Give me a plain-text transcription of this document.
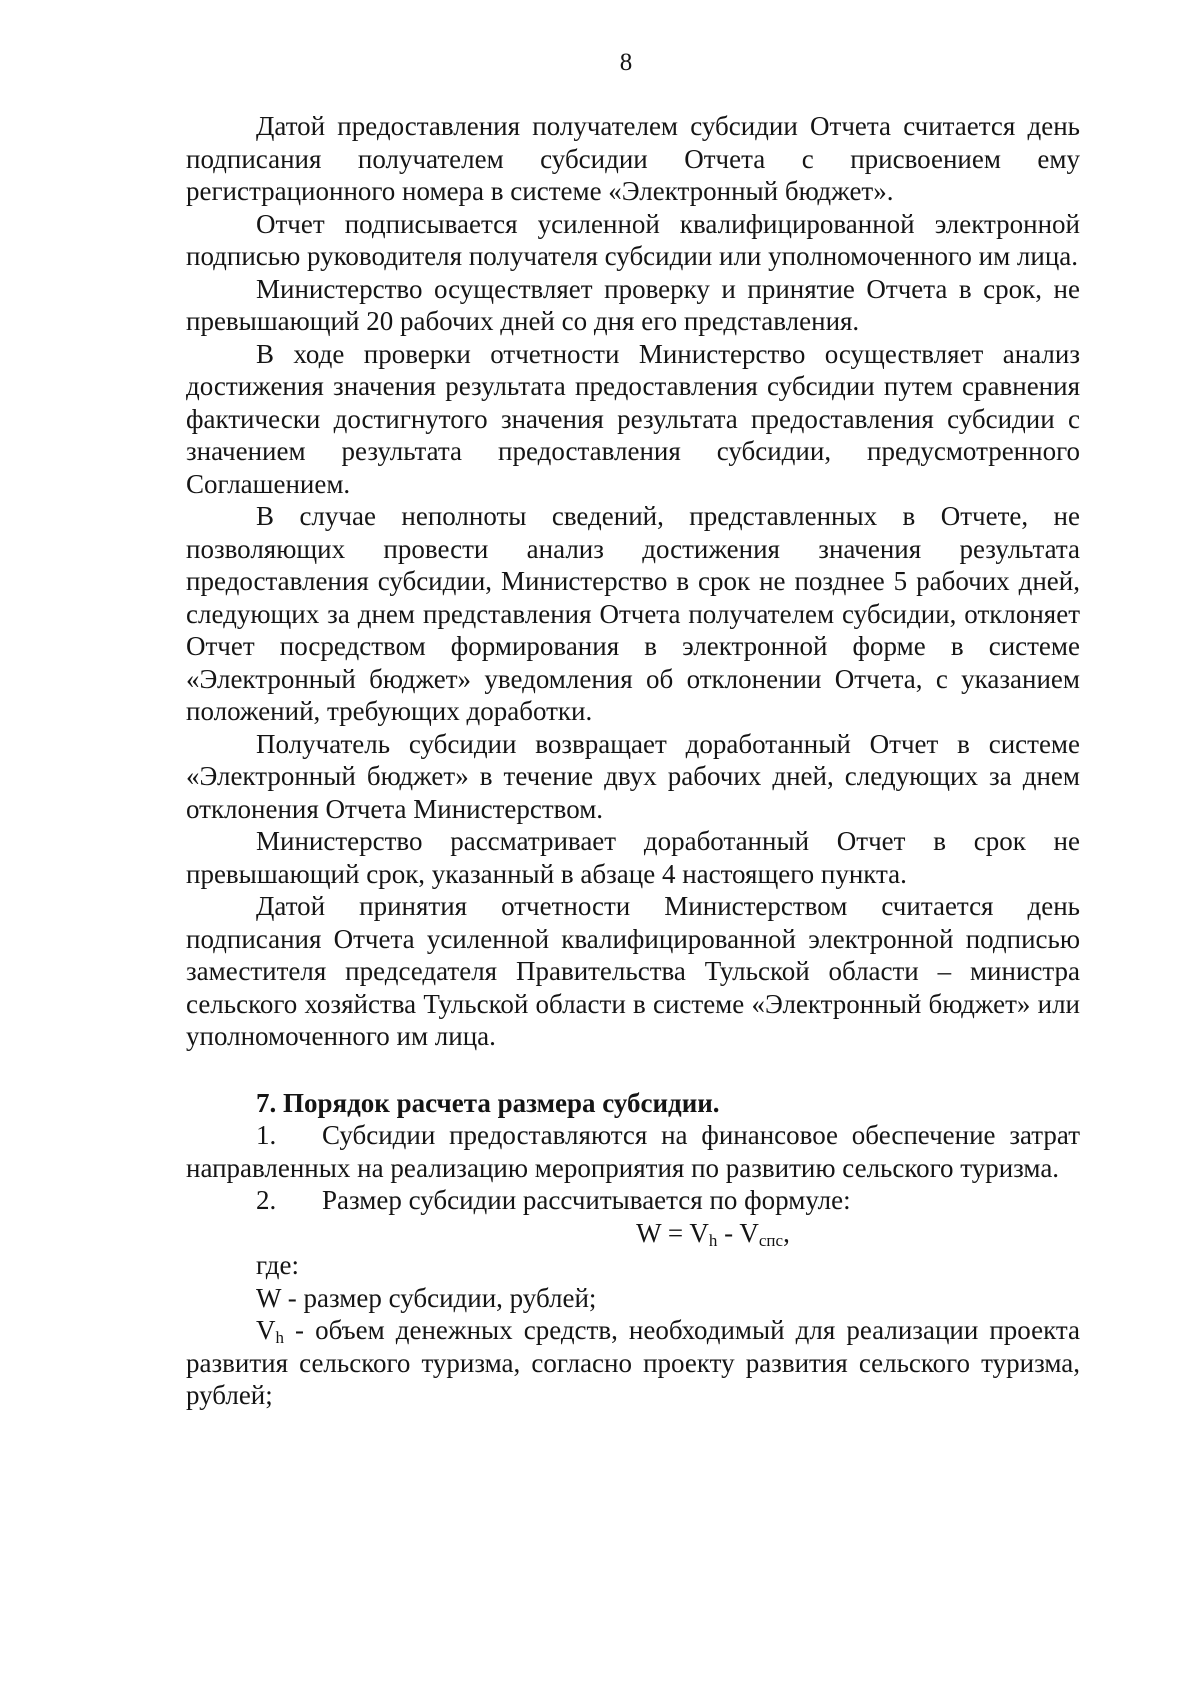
8

Датой предоставления получателем субсидии Отчета считается день подписания получателем субсидии Отчета с присвоением ему регистрационного номера в системе «Электронный бюджет».

Отчет подписывается усиленной квалифицированной электронной подписью руководителя получателя субсидии или уполномоченного им лица.

Министерство осуществляет проверку и принятие Отчета в срок, не превышающий 20 рабочих дней со дня его представления.

В ходе проверки отчетности Министерство осуществляет анализ достижения значения результата предоставления субсидии путем сравнения фактически достигнутого значения результата предоставления субсидии с значением результата предоставления субсидии, предусмотренного Соглашением.

В случае неполноты сведений, представленных в Отчете, не позволяющих провести анализ достижения значения результата предоставления субсидии, Министерство в срок не позднее 5 рабочих дней, следующих за днем представления Отчета получателем субсидии, отклоняет Отчет посредством формирования в электронной форме в системе «Электронный бюджет» уведомления об отклонении Отчета, с указанием положений, требующих доработки.

Получатель субсидии возвращает доработанный Отчет в системе «Электронный бюджет» в течение двух рабочих дней, следующих за днем отклонения Отчета Министерством.

Министерство рассматривает доработанный Отчет в срок не превышающий срок, указанный в абзаце 4 настоящего пункта.

Датой принятия отчетности Министерством считается день подписания Отчета усиленной квалифицированной электронной подписью заместителя председателя Правительства Тульской области – министра сельского хозяйства Тульской области в системе «Электронный бюджет» или уполномоченного им лица.

7. Порядок расчета размера субсидии.

1. Субсидии предоставляются на финансовое обеспечение затрат направленных на реализацию мероприятия по развитию сельского туризма.

2. Размер субсидии рассчитывается по формуле:

$W = V_h - V_{спс}$,

где:

W - размер субсидии, рублей;

$V_h$ - объем денежных средств, необходимый для реализации проекта развития сельского туризма, согласно проекту развития сельского туризма, рублей;
